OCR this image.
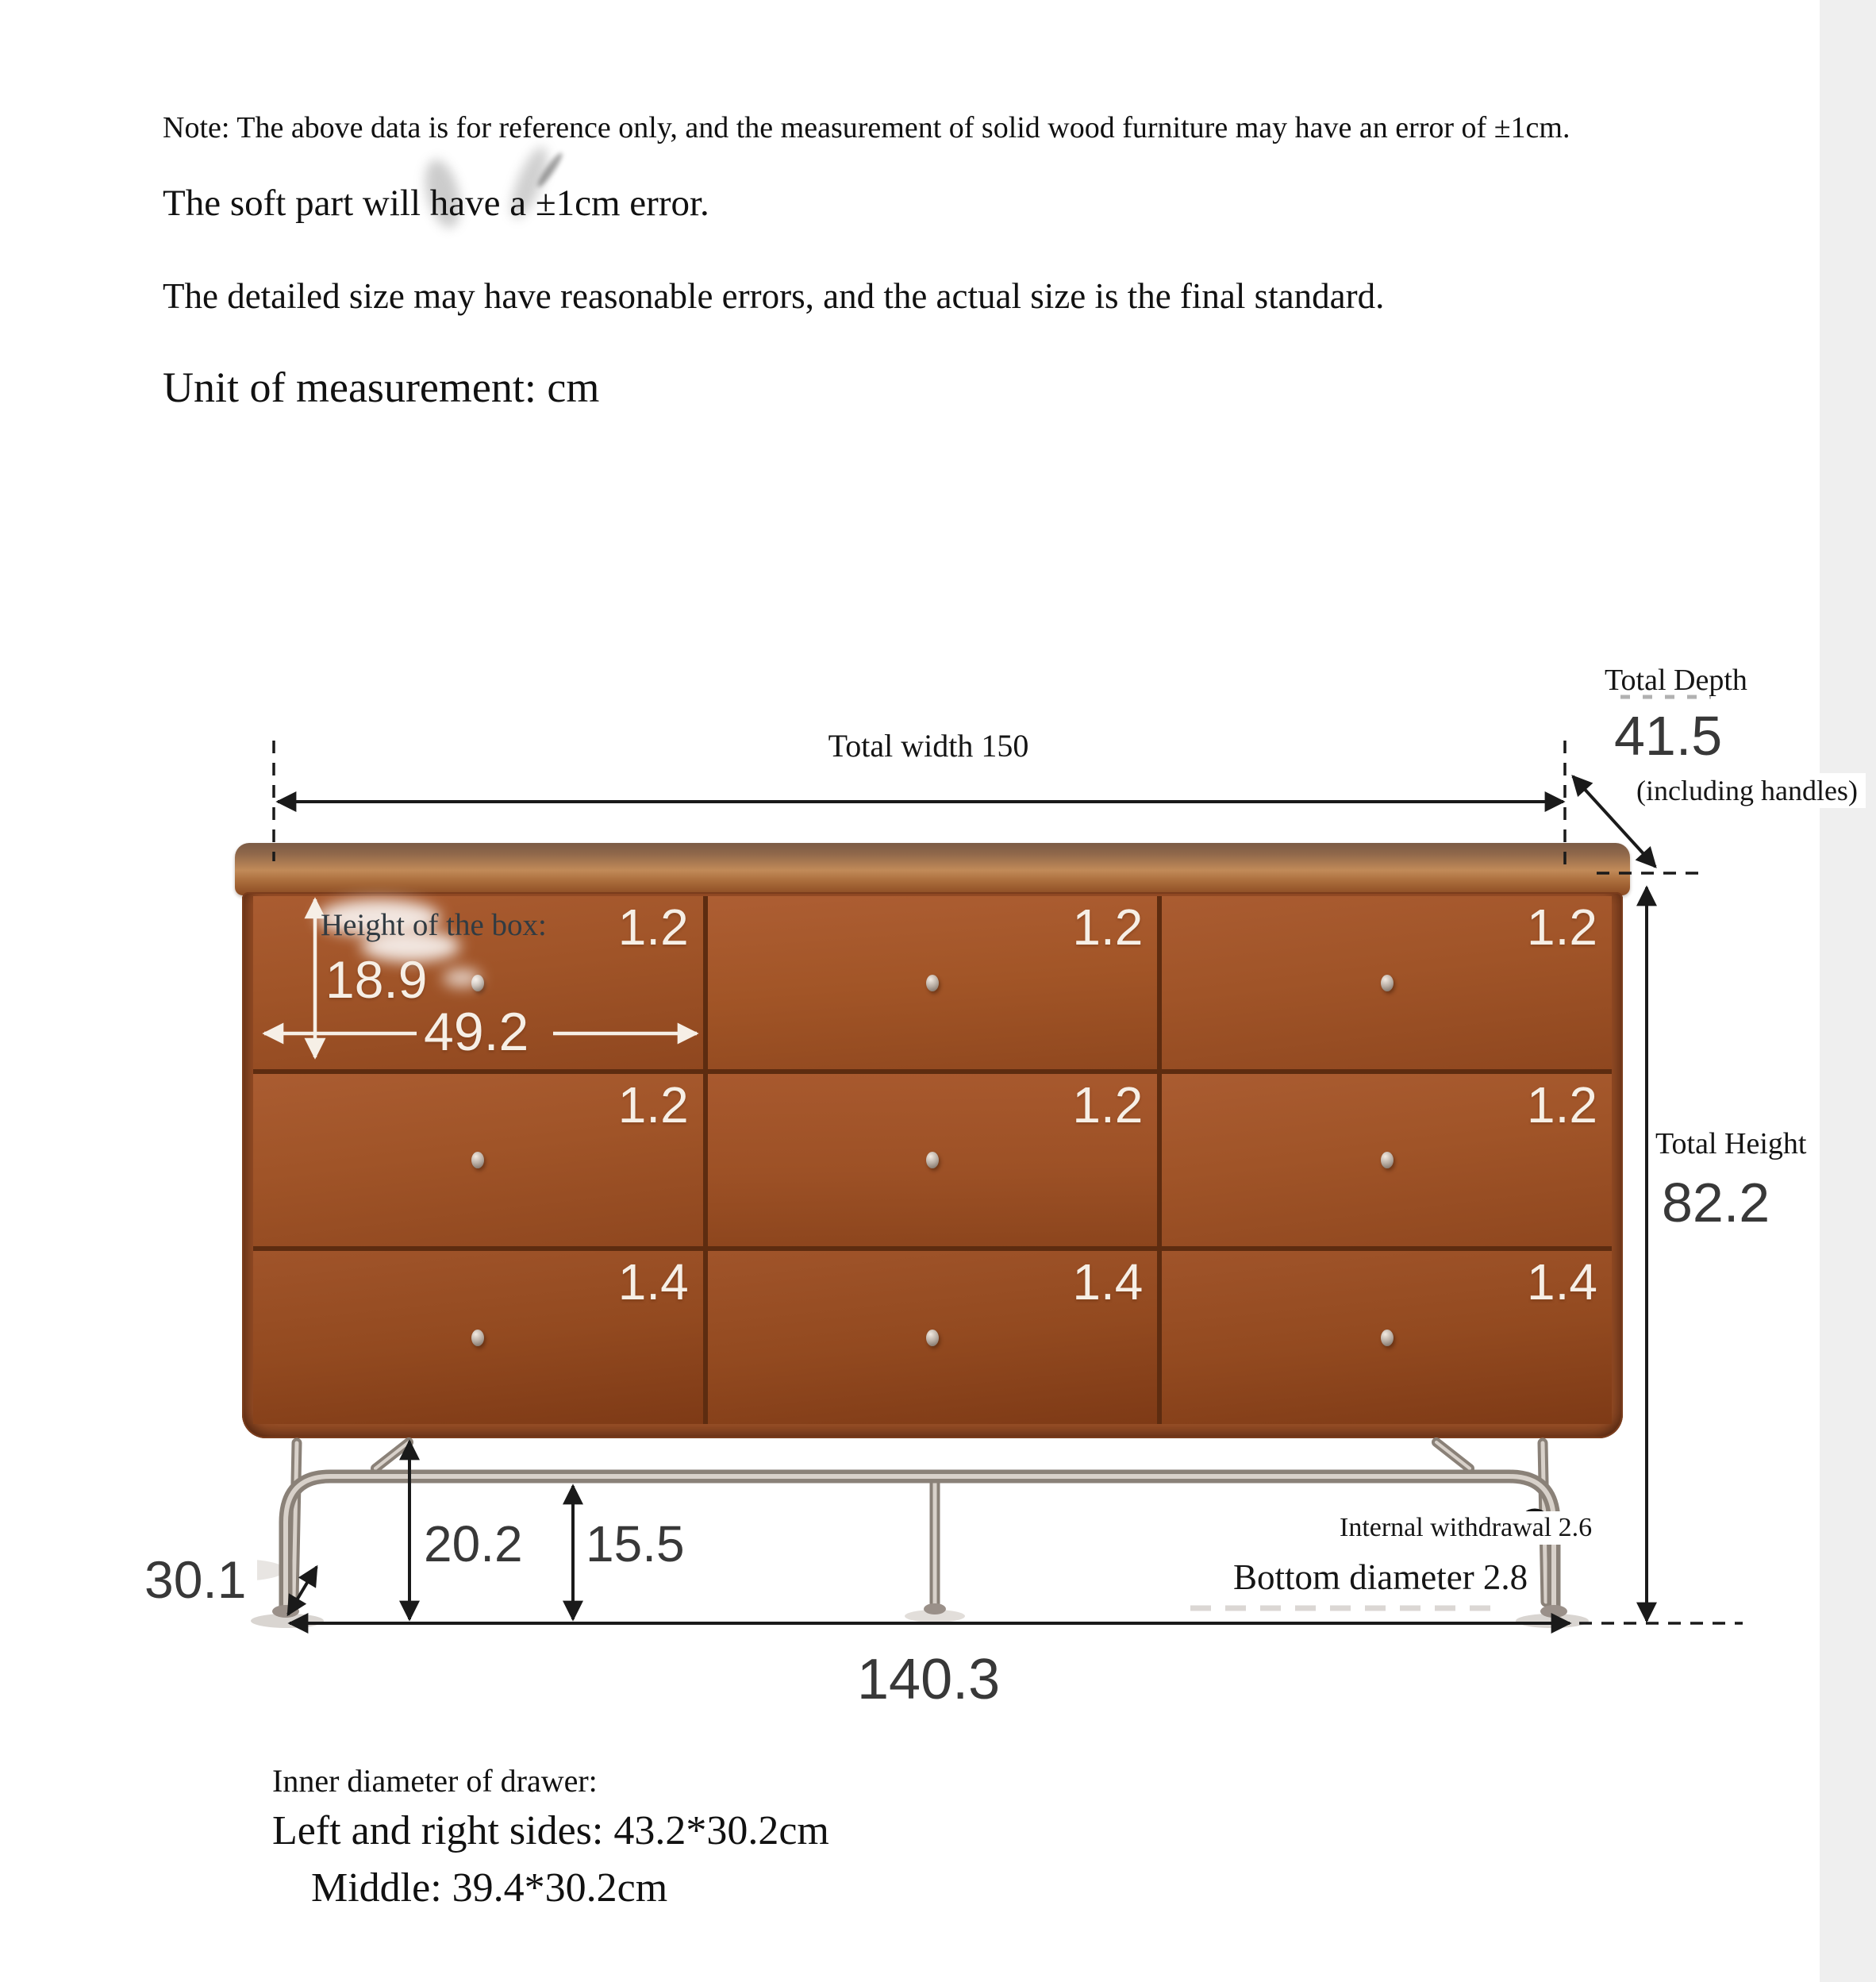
Note: The above data is for reference only, and the measurement of solid wood furniture may have an error of ±1cm.
The soft part will have a ±1cm error.
The detailed size may have reasonable errors, and the actual size is the final standard.
Unit of measurement: cm
1.2	1.2	1.2
1.2	1.2	1.2
1.4	1.4	1.4
Total width 150
Total Depth
41.5
(including handles)
Total Height
82.2
Height of the box:
18.9
49.2
30.1
20.2 15.5
140.3
Internal withdrawal 2.6
Bottom diameter 2.8
Inner diameter of drawer:
Left and right sides: 43.2*30.2cm
Middle: 39.4*30.2cm
